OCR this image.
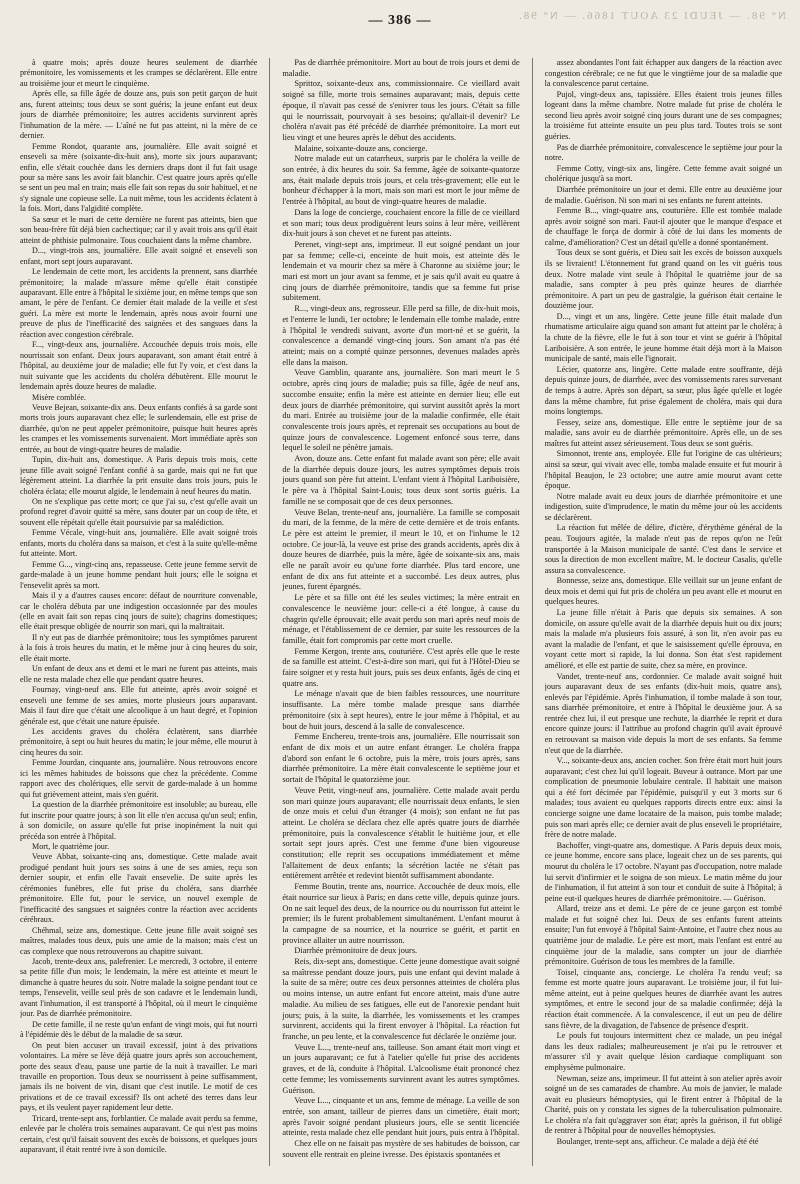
N° 98. — JEUDI 23 AOUT 1866. — N° 98.
— 386 —

à quatre mois; après douze heures seulement de diarrhée prémonitoire, les vomissements et les crampes se déclarèrent. Elle entre au troisième jour et meurt le cinquième.

Après elle, sa fille âgée de douze ans, puis son petit garçon de huit ans, furent atteints; tous deux se sont guéris; la jeune enfant eut deux jours de diarrhée prémonitoire; les autres accidents survinrent après l'inhumation de la mère. — L'aîné ne fut pas atteint, ni la mère de ce dernier.

Femme Rondot, quarante ans, journalière. Elle avait soigné et enseveli sa mère (soixante-dix-huit ans), morte six jours auparavant; enfin, elle s'était couchée dans les derniers draps dont il fut fait usage pour sa mère sans les avoir fait blanchir. C'est quatre jours après qu'elle se sent un peu mal en train; mais elle fait son repas du soir habituel, et ne s'y signale une copieuse selle. La nuit même, tous les accidents éclatent à la fois. Mort, dans l'algidité complète.

Sa sœur et le mari de cette dernière ne furent pas atteints, bien que son beau-frère fût déjà bien cachectique; car il y avait trois ans qu'il était atteint de phthisie pulmonaire. Tous couchaient dans la même chambre.

D..., vingt-trois ans, journalière. Elle avait soigné et enseveli son enfant, mort sept jours auparavant.

Le lendemain de cette mort, les accidents la prennent, sans diarrhée prémonitoire; la malade m'assure même qu'elle était constipée auparavant. Elle entre à l'hôpital le sixième jour, en même temps que son amant, le père de l'enfant. Ce dernier était malade de la veille et s'est guéri. La mère est morte le lendemain, après nous avoir fourni une preuve de plus de l'inefficacité des saignées et des sangsues dans la réaction avec congestion cérébrale.

F..., vingt-deux ans, journalière. Accouchée depuis trois mois, elle nourrissait son enfant. Deux jours auparavant, son amant était entré à l'hôpital, au deuxième jour de maladie; elle fut l'y voir, et c'est dans la nuit suivante que les accidents du choléra débutèrent. Elle mourut le lendemain après douze heures de maladie.

Misère comblée.

Veuve Bejean, soixante-dix ans. Deux enfants confiés à sa garde sont morts trois jours auparavant chez elle; le surlendemain, elle est prise de diarrhée, qu'on ne peut appeler prémonitoire, puisque huit heures après les crampes et les vomissements survenaient. Mort immédiate après son entrée, au bout de vingt-quatre heures de maladie.

Tupin, dix-huit ans, domestique. A Paris depuis trois mois, cette jeune fille avait soigné l'enfant confié à sa garde, mais qui ne fut que légèrement atteint. La diarrhée la prit ensuite dans trois jours, puis le choléra éclata; elle mourut algide, le lendemain à neuf heures du matin.

On ne s'explique pas cette mort; ce que j'ai su, c'est qu'elle avait un profond regret d'avoir quitté sa mère, sans douter par un coup de tête, et souvent elle répétait qu'elle était poursuivie par sa malédiction.

Femme Vécale, vingt-huit ans, journalière. Elle avait soigné trois enfants, morts du choléra dans sa maison, et c'est à la suite qu'elle-même fut atteinte. Mort.

Femme G..., vingt-cinq ans, repasseuse. Cette jeune femme servit de garde-malade à un jeune homme pendant huit jours; elle le soigna et l'ensevelit après sa mort.

Mais il y a d'autres causes encore: défaut de nourriture convenable, car le choléra débuta par une indigestion occasionnée par des moules (elle en avait fait son repas cinq jours de suite); chagrins domestiques; elle était presque obligée de nourrir son mari, qui la maltraitait.

Il n'y eut pas de diarrhée prémonitoire; tous les symptômes parurent à la fois à trois heures du matin, et le même jour à cinq heures du soir, elle était morte.

Un enfant de deux ans et demi et le mari ne furent pas atteints, mais elle ne resta malade chez elle que pendant quatre heures.

Fournay, vingt-neuf ans. Elle fut atteinte, après avoir soigné et enseveli une femme de ses amies, morte plusieurs jours auparavant. Mais il faut dire que c'était une alcoolique à un haut degré, et l'opinion générale est, que c'était une nature épuisée.

Les accidents graves du choléra éclatèrent, sans diarrhée prémonitoire, à sept ou huit heures du matin; le jour même, elle mourut à cinq heures du soir.

Femme Jourdan, cinquante ans, journalière. Nous retrouvons encore ici les mêmes habitudes de boissons que chez la précédente. Comme rapport avec des cholériques, elle servit de garde-malade à un homme qui fut grièvement atteint, mais s'en guérit.

La question de la diarrhée prémonitoire est insoluble; au bureau, elle fut inscrite pour quatre jours; à son lit elle n'en accusa qu'un seul; enfin, à son domicile, on assure qu'elle fut prise inopinément la nuit qui précéda son entrée à l'hôpital.

Mort, le quatrième jour.

Veuve Abbat, soixante-cinq ans, domestique. Cette malade avait prodigué pendant huit jours ses soins à une de ses amies, reçu son dernier soupir, et enfin elle l'avait ensevelie. De suite après les cérémonies funèbres, elle fut prise du choléra, sans diarrhée prémonitoire. Elle fut, pour le service, un nouvel exemple de l'inefficacité des sangsues et saignées contre la réaction avec accidents cérébraux.

Chéhmal, seize ans, domestique. Cette jeune fille avait soigné ses maîtres, malades tous deux, puis une amie de la maison; mais c'est un cas complexe que nous retrouverons au chapitre suivant.

Jacob, trente-deux ans, palefrenier. Le mercredi, 3 octobre, il enterre sa petite fille d'un mois; le lendemain, la mère est atteinte et meurt le dimanche à quatre heures du soir. Notre malade la soigne pendant tout ce temps, l'ensevelit, veille seul près de son cadavre et le lendemain lundi, avant l'inhumation, il est transporté à l'hôpital, où il meurt le cinquième jour. Pas de diarrhée prémonitoire.

De cette famille, il ne reste qu'un enfant de vingt mois, qui fut nourri à l'épidémie dès le début de la maladie de sa sœur.

On peut bien accuser un travail excessif, joint à des privations volontaires. La mère se lève déjà quatre jours après son accouchement, porte des seaux d'eau, pause une partie de la nuit à travailler. Le mari travaille en proportion. Tous deux se nourrissent à peine suffisamment, jamais ils ne boivent de vin, disant que c'est inutile. Le motif de ces privations et de ce travail excessif? Ils ont acheté des terres dans leur pays, et ils veulent payer rapidement leur dette.

Tricard, trente-sept ans, forblantier. Ce malade avait perdu sa femme, enlevée par le choléra trois semaines auparavant. Ce qui n'est pas moins certain, c'est qu'il faisait souvent des excès de boissons, et quelques jours auparavant, il était rentré ivre à son domicile.

Pas de diarrhée prémonitoire. Mort au bout de trois jours et demi de maladie.

Sprittoz, soixante-deux ans, commissionnaire. Ce vieillard avait soigné sa fille, morte trois semaines auparavant; mais, depuis cette époque, il n'avait pas cessé de s'enivrer tous les jours. C'était sa fille qui le nourrissait, pourvoyait à ses besoins; qu'allait-il devenir? Le choléra n'avait pas été précédé de diarrhée prémonitoire. La mort eut lieu vingt et une heures après le début des accidents.

Malaine, soixante-douze ans, concierge.

Notre malade eut un catarrheux, surpris par le choléra la veille de son entrée, à dix heures du soir. Sa femme, âgée de soixante-quatorze ans, était malade depuis trois jours, et cela très-gravement; elle eut le bonheur d'échapper à la mort, mais son mari est mort le jour même de l'entrée à l'hôpital, au bout de vingt-quatre heures de maladie.

Dans la loge de concierge, couchaient encore la fille de ce vieillard et son mari; tous deux prodiguèrent leurs soins à leur mère, veillèrent dix-huit jours à son chevet et ne furent pas atteints.

Perenet, vingt-sept ans, imprimeur. Il eut soigné pendant un jour par sa femme; celle-ci, enceinte de huit mois, est atteinte dès le lendemain et va mourir chez sa mère à Charonne au sixième jour; le mari est mort un jour avant sa femme, et je sais qu'il avait eu quatre à cinq jours de diarrhée prémonitoire, tandis que sa femme fut prise subitement.

R..., vingt-deux ans, regrosseur. Elle perd sa fille, de dix-huit mois, et l'enterre le lundi, 1er octobre; le lendemain elle tombe malade, entre à l'hôpital le vendredi suivant, avorte d'un mort-né et se guérit, la convalescence a demandé vingt-cinq jours. Son amant n'a pas été atteint; mais on a compté quinze personnes, devenues malades après elle dans la maison.

Veuve Gamblin, quarante ans, journalière. Son mari meurt le 5 octobre, après cinq jours de maladie; puis sa fille, âgée de neuf ans, succombe ensuite; enfin la mère est atteinte en dernier lieu; elle eut deux jours de diarrhée prémonitoire, qui survint aussitôt après la mort du mari. Entrée au troisième jour de la maladie confirmée, elle était convalescente trois jours après, et reprenait ses occupations au bout de quinze jours de convalescence. Logement enfoncé sous terre, dans lequel le soleil ne pénètre jamais.

Avon, douze ans. Cette enfant fut malade avant son père; elle avait de la diarrhée depuis douze jours, les autres symptômes depuis trois jours quand son père fut atteint. L'enfant vient à l'hôpital Lariboisière, le père va à l'hôpital Saint-Louis; tous deux sont sortis guéris. La famille ne se composait que de ces deux personnes.

Veuve Belan, trente-neuf ans, journalière. La famille se composait du mari, de la femme, de la mère de cette dernière et de trois enfants. Le père est atteint le premier, il meurt le 10, et on l'inhume le 12 octobre. Ce jour-là, la veuve est prise des grands accidents, après dix à douze heures de diarrhée, puis la mère, âgée de soixante-six ans, mais elle ne paraît avoir eu qu'une forte diarrhée. Plus tard encore, une enfant de dix ans fut atteinte et a succombé. Les deux autres, plus jeunes, furent épargnés.

Le père et sa fille ont été les seules victimes; la mère entrait en convalescence le neuvième jour: celle-ci a été longue, à cause du chagrin qu'elle éprouvait; elle avait perdu son mari après neuf mois de ménage, et l'établissement de ce dernier, par suite les ressources de la famille, était fort compromis par cette mort cruelle.

Femme Kergon, trente ans, couturière. C'est après elle que le reste de sa famille est atteint. C'est-à-dire son mari, qui fut à l'Hôtel-Dieu se faire soigner et y resta huit jours, puis ses deux enfants, âgés de cinq et quatre ans.

Le ménage n'avait que de bien faibles ressources, une nourriture insuffisante. La mère tombe malade presque sans diarrhée prémonitoire (six à sept heures), entre le jour même à l'hôpital, et au bout de huit jours, descend à la salle de convalescence.

Femme Enchereu, trente-trois ans, journalière. Elle nourrissait son enfant de dix mois et un autre enfant étranger. Le choléra frappa d'abord son enfant le 6 octobre, puis la mère, trois jours après, sans diarrhée prémonitoire. La mère était convalescente le septième jour et sortait de l'hôpital le quatorzième jour.

Veuve Petit, vingt-neuf ans, journalière. Cette malade avait perdu son mari quinze jours auparavant; elle nourrissait deux enfants, le sien de onze mois et celui d'un étranger (4 mois); son enfant ne fut pas atteint. Le choléra se déclara chez elle après quatre jours de diarrhée prémonitoire, puis la convalescence s'établit le huitième jour, et elle sortait sept jours après. C'est une femme d'une bien vigoureuse constitution; elle reprit ses occupations immédiatement et même l'allaitement de deux enfants; la sécrétion lactée ne s'était pas entièrement arrêtée et redevint bientôt suffisamment abondante.

Femme Boutin, trente ans, nourrice. Accouchée de deux mois, elle était nourrice sur lieux à Paris; en dans cette ville, depuis quinze jours. On ne sait lequel des deux, de la nourrice ou du nourrisson fut atteint le premier; ils le furent probablement simultanément. L'enfant mourut à la campagne de sa nourrice, et la nourrice se guérit, et partit en province allaiter un autre nourrisson.

Diarrhée prémonitoire de deux jours.

Reis, dix-sept ans, domestique. Cette jeune domestique avait soigné sa maîtresse pendant douze jours, puis une enfant qui devint malade à la suite de sa mère; outre ces deux personnes atteintes de choléra plus ou moins intense, un autre enfant fut encore atteint, mais d'une autre maladie. Au milieu de ses fatigues, elle eut de l'anorexie pendant huit jours; puis, à la suite, la diarrhée, les vomissements et les crampes survinrent, accidents qui la firent envoyer à l'hôpital. La réaction fut franche, un peu lente, et la convalescence fut déclarée le onzième jour.

Veuve L..., trente-neuf ans, tailleuse. Son amant était mort vingt et un jours auparavant; ce fut à l'atelier qu'elle fut prise des accidents graves, et de là, conduite à l'hôpital. L'alcoolisme était prononcé chez cette femme; les vomissements survinrent avant les autres symptômes. Guérison.

Veuve L..., cinquante et un ans, femme de ménage. La veille de son entrée, son amant, tailleur de pierres dans un cimetière, était mort; après l'avoir soigné pendant plusieurs jours, elle se sentit licenciée atteinte, resta malade chez elle pendant huit jours, puis entra à l'hôpital.

Chez elle on ne faisait pas mystère de ses habitudes de boisson, car souvent elle rentrait en pleine ivresse. Des épistaxis spontanées et

assez abondantes l'ont fait échapper aux dangers de la réaction avec congestion cérébrale; ce ne fut que le vingtième jour de sa maladie que la convalescence parut certaine.

Pujol, vingt-deux ans, tapissière. Elles étaient trois jeunes filles logeant dans la même chambre. Notre malade fut prise de choléra le second lieu après avoir soigné cinq jours durant une de ses compagnes; la troisième fut atteinte ensuite un peu plus tard. Toutes trois se sont guéries.

Pas de diarrhée prémonitoire, convalescence le septième jour pour la notre.

Femme Cotty, vingt-six ans, lingère. Cette femme avait soigné un cholérique jusqu'à sa mort.

Diarrhée prémonitoire un jour et demi. Elle entre au deuxième jour de maladie. Guérison. Ni son mari ni ses enfants ne furent atteints.

Femme B..., vingt-quatre ans, couturière. Elle est tombée malade après avoir soigné son mari. Faut-il ajouter que le manque d'espace et de chauffage le força de dormir à côté de lui dans les moments de calme, d'amélioration? C'est un détail qu'elle a donné spontanément.

Tous deux se sont guéris, et Dieu sait les excès de boisson auxquels ils se livraient! L'étonnement fut grand quand on les vit guéris tous deux. Notre malade vint seule à l'hôpital le quatrième jour de sa maladie, sans compter à peu près quinze heures de diarrhée prémonitoire. A part un peu de gastralgie, la guérison était certaine le douzième jour.

D..., vingt et un ans, lingère. Cette jeune fille était malade d'un rhumatisme articulaire aigu quand son amant fut atteint par le choléra; à la chute de la fièvre, elle le fut à son tour et vint se guérir à l'hôpital Lariboisière. A son entrée, le jeune homme était déjà mort à la Maison municipale de santé, mais elle l'ignorait.

Lécier, quatorze ans, lingère. Cette malade entre souffrante, déjà depuis quinze jours, de diarrhée, avec des vomissements rares survenant de temps à autre. Après son départ, sa sœur, plus âgée qu'elle et logée dans la même chambre, fut prise également de choléra, mais qui dura moins longtemps.

Fessey, seize ans, domestique. Elle entre le septième jour de sa maladie, sans avoir eu de diarrhée prémonitoire. Après elle, un de ses maîtres fut atteint assez sérieusement. Tous deux se sont guéris.

Simonnot, trente ans, employée. Elle fut l'origine de cas ultérieurs; ainsi sa sœur, qui vivait avec elle, tomba malade ensuite et fut mourir à l'hôpital Beaujon, le 23 octobre; une autre amie mourut avant cette époque.

Notre malade avait eu deux jours de diarrhée prémonitoire et une indigestion, suite d'imprudence, le matin du même jour où les accidents se déclarèrent.

La réaction fut mêlée de délire, d'ictère, d'érythème général de la peau. Toujours agitée, la malade n'eut pas de repos qu'on ne l'eût transportée à la Maison municipale de santé. C'est dans le service et sous la direction de mon excellent maître, M. le docteur Casalis, qu'elle assura sa convalescence.

Bonnesse, seize ans, domestique. Elle veillait sur un jeune enfant de deux mois et demi qui fut pris de choléra un peu avant elle et mourut en quelques heures.

La jeune fille n'était à Paris que depuis six semaines. A son domicile, on assure qu'elle avait de la diarrhée depuis huit ou dix jours; mais la malade m'a plusieurs fois assuré, à son lit, n'en avoir pas eu avant la maladie de l'enfant, et que le saisissement qu'elle éprouva, en voyant cette mort si rapide, la lui donna. Son état s'est rapidement amélioré, et elle est partie de suite, chez sa mère, en province.

Vandet, trente-neuf ans, cordonnier. Ce malade avait soigné huit jours auparavant deux de ses enfants (dix-huit mois, quatre ans), enlevés par l'épidémie. Après l'inhumation, il tombe malade à son tour, sans diarrhée prémonitoire, et entre à l'hôpital le deuxième jour. A sa rentrée chez lui, il eut presque une rechute, la diarrhée le reprit et dura encore quinze jours: il l'attribue au profond chagrin qu'il avait éprouvé en retrouvant sa maison vide depuis la mort de ses enfants. Sa femme n'eut que de la diarrhée.

V..., soixante-deux ans, ancien cocher. Son frère était mort huit jours auparavant; c'est chez lui qu'il logeait. Buveur à outrance. Mort par une complication de pneumonie lobulaire centrale. Il habitait une maison qui a été fort décimée par l'épidémie, puisqu'il y eut 3 morts sur 6 malades; tous avaient eu quelques rapports directs entre eux: ainsi la concierge soigne une dame locataire de la maison, puis tombe malade; puis son mari après elle; ce dernier avait de plus enseveli le propriétaire, frère de notre malade.

Bachoffer, vingt-quatre ans, domestique. A Paris depuis deux mois, ce jeune homme, encore sans place, logeait chez un de ses parents, qui mourut du choléra le 17 octobre. N'ayant pas d'occupation, notre malade lui servit d'infirmier et le soigna de son mieux. Le matin même du jour de l'inhumation, il fut atteint à son tour et conduit de suite à l'hôpital; à peine eut-il quelques heures de diarrhée prémonitoire. — Guérison.

Allard, treize ans et demi. Le père de ce jeune garçon est tombé malade et fut soigné chez lui. Deux de ses enfants furent atteints ensuite; l'un fut envoyé à l'hôpital Saint-Antoine, et l'autre chez nous au quatrième jour de maladie. Le père est mort, mais l'enfant est entré au cinquième jour de la maladie, sans compter un jour de diarrhée prémonitoire. Guérison de tous les membres de la famille.

Toisel, cinquante ans, concierge. Le choléra l'a rendu veuf; sa femme est morte quatre jours auparavant. Le troisième jour, il fut lui-même atteint, eut à peine quelques heures de diarrhée avant les autres symptômes, et entre le second jour de sa maladie confirmée; déjà la réaction était commencée. A la convalescence, il eut un peu de délire sans fièvre, de la divagation, de l'absence de présence d'esprit.

Le pouls fut toujours intermittent chez ce malade, un peu inégal dans les deux radiales; malheureusement je n'ai pu le retrouver et m'assurer s'il y avait quelque lésion cardiaque compliquant son emphysème pulmonaire.

Newman, seize ans, imprimeur. Il fut atteint à son atelier après avoir soigné un de ses camarades de chambre. Au mois de janvier, le malade avait eu plusieurs hémoptysies, qui le firent entrer à l'hôpital de la Charité, puis on y constata les signes de la tuberculisation pulmonaire. Le choléra n'a fait qu'aggraver son état; après la guérison, il fut obligé de rentrer à l'hôpital pour de nouvelles hémoptysies.

Boulanger, trente-sept ans, afficheur. Ce malade a déjà été été
